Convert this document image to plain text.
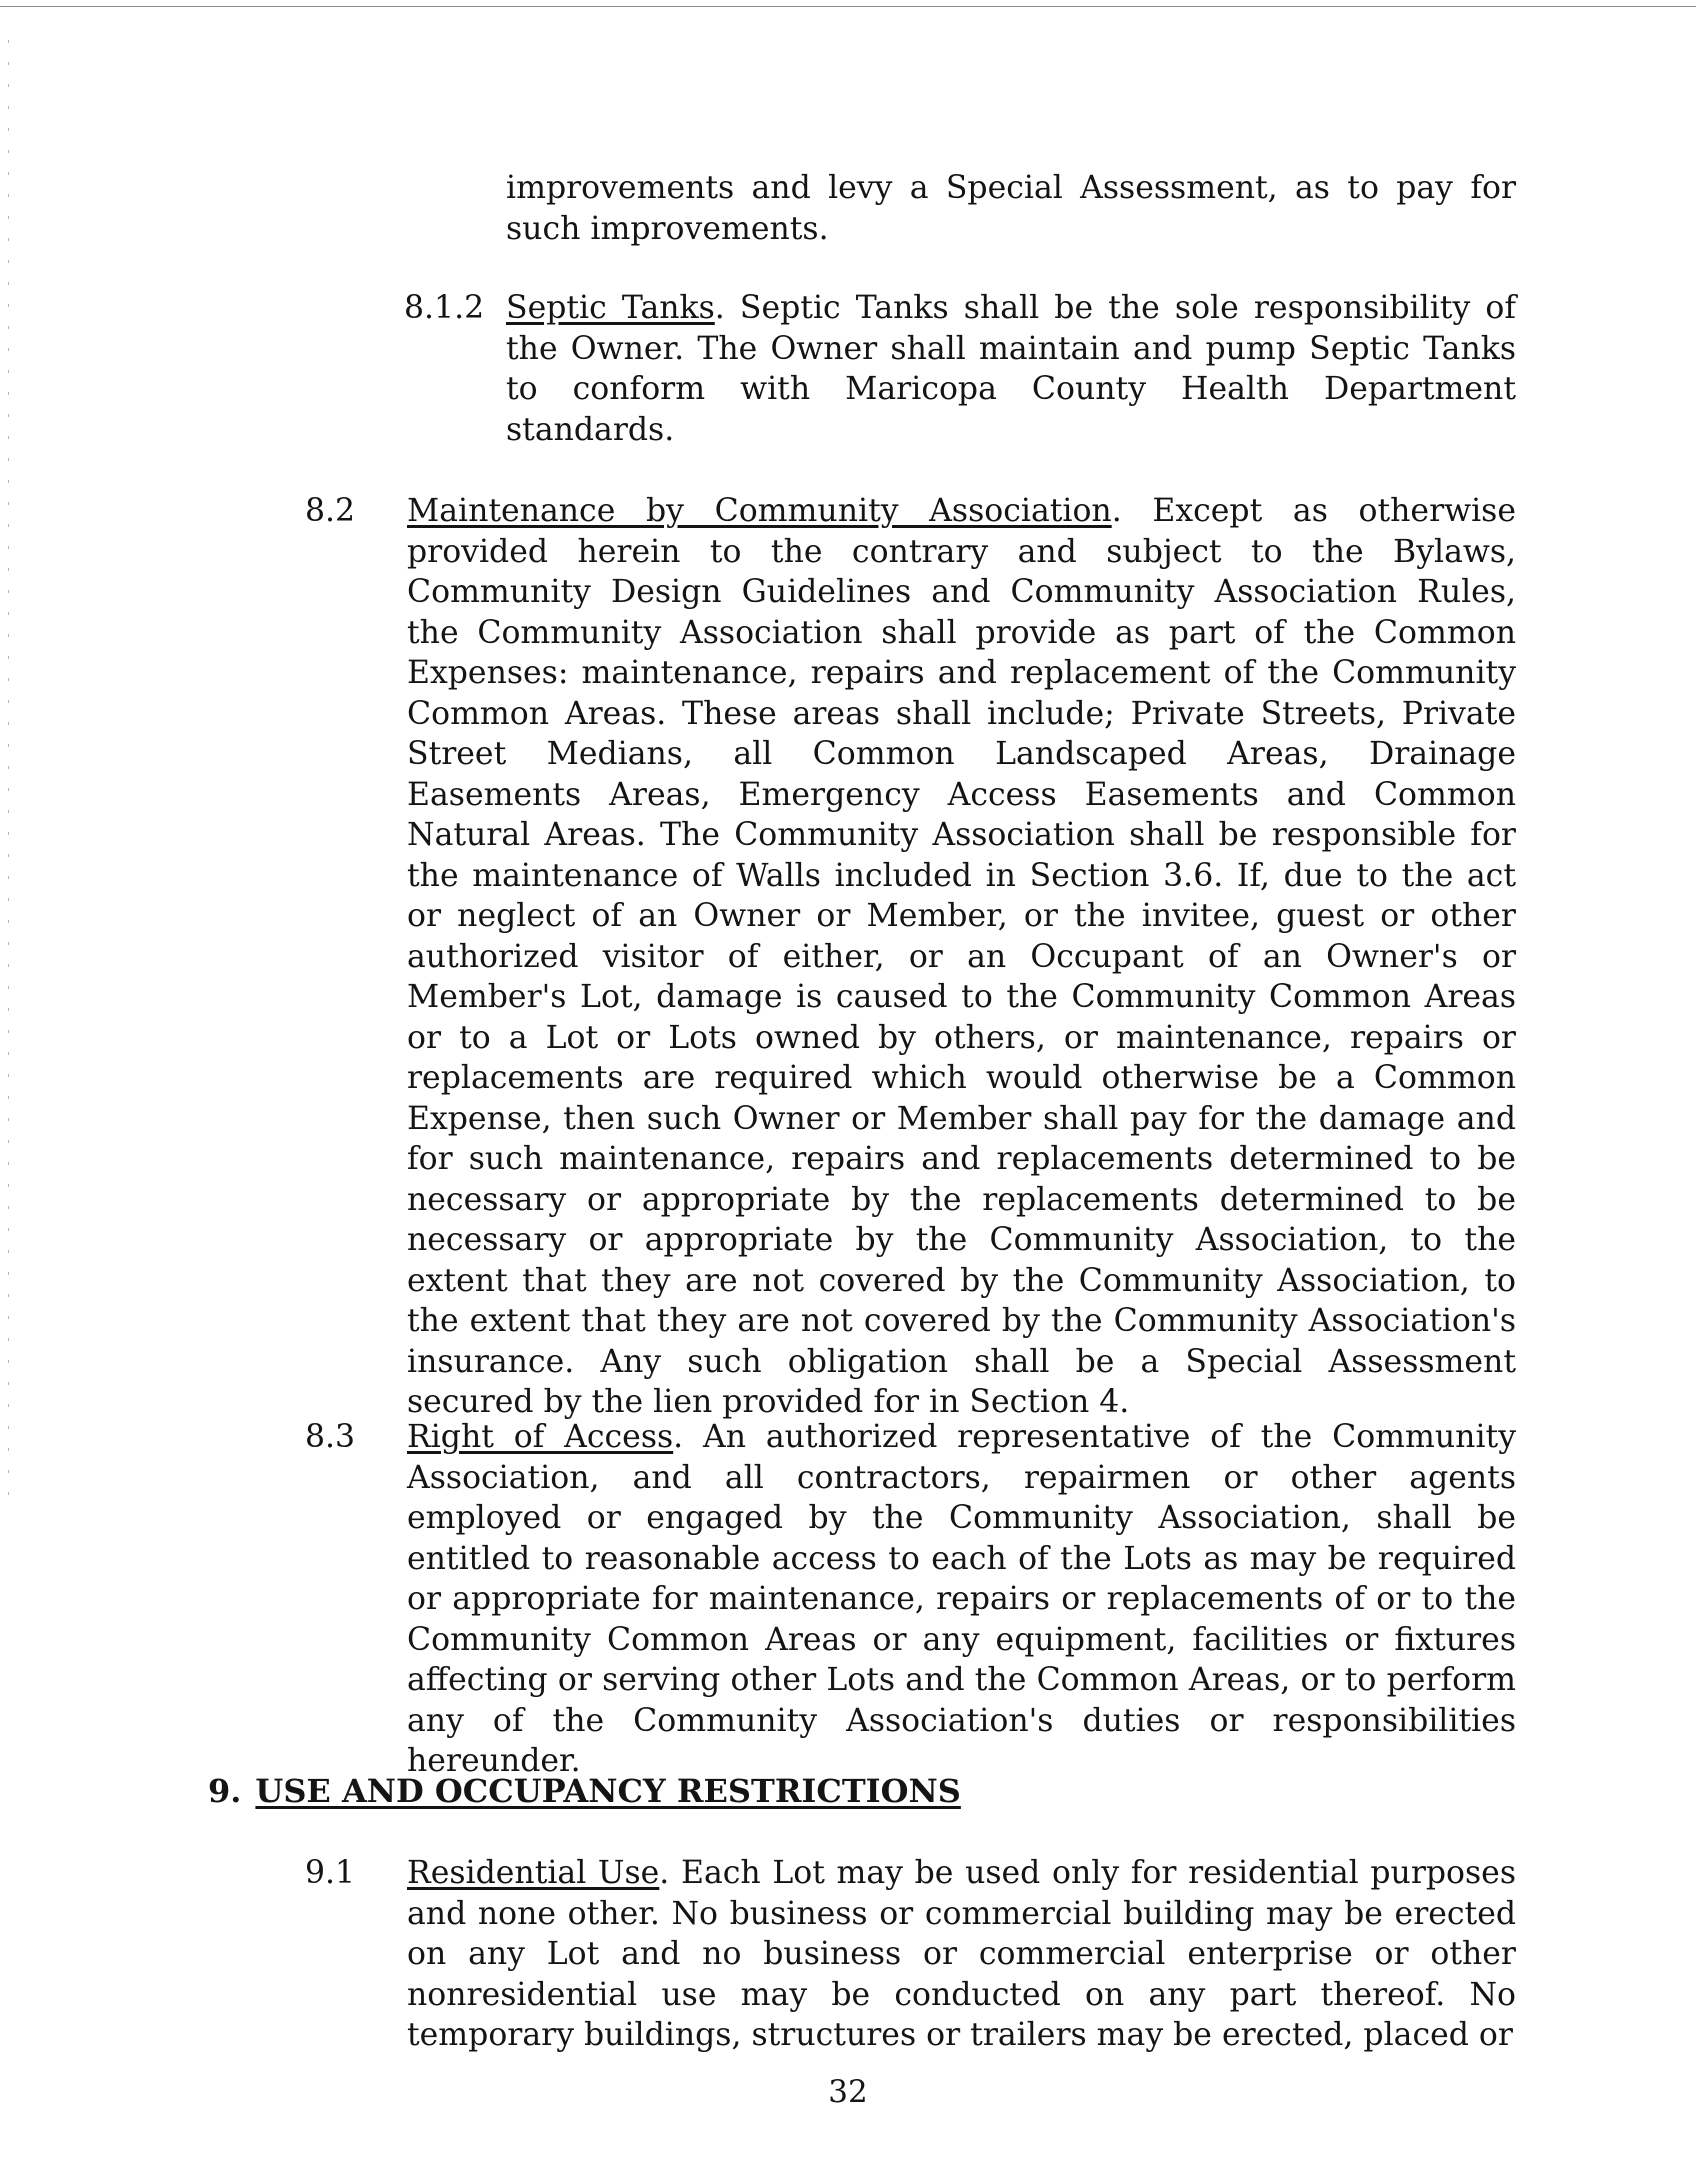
improvements and levy a Special Assessment, as to pay for such improvements.

8.1.2 Septic Tanks. Septic Tanks shall be the sole responsibility of the Owner. The Owner shall maintain and pump Septic Tanks to conform with Maricopa County Health Department standards.

8.2 Maintenance by Community Association. Except as otherwise provided herein to the contrary and subject to the Bylaws, Community Design Guidelines and Community Association Rules, the Community Association shall provide as part of the Common Expenses: maintenance, repairs and replacement of the Community Common Areas. These areas shall include; Private Streets, Private Street Medians, all Common Landscaped Areas, Drainage Easements Areas, Emergency Access Easements and Common Natural Areas. The Community Association shall be responsible for the maintenance of Walls included in Section 3.6. If, due to the act or neglect of an Owner or Member, or the invitee, guest or other authorized visitor of either, or an Occupant of an Owner's or Member's Lot, damage is caused to the Community Common Areas or to a Lot or Lots owned by others, or maintenance, repairs or replacements are required which would otherwise be a Common Expense, then such Owner or Member shall pay for the damage and for such maintenance, repairs and replacements determined to be necessary or appropriate by the replacements determined to be necessary or appropriate by the Community Association, to the extent that they are not covered by the Community Association, to the extent that they are not covered by the Community Association's insurance. Any such obligation shall be a Special Assessment secured by the lien provided for in Section 4.

8.3 Right of Access. An authorized representative of the Community Association, and all contractors, repairmen or other agents employed or engaged by the Community Association, shall be entitled to reasonable access to each of the Lots as may be required or appropriate for maintenance, repairs or replacements of or to the Community Common Areas or any equipment, facilities or fixtures affecting or serving other Lots and the Common Areas, or to perform any of the Community Association's duties or responsibilities hereunder.

9. USE AND OCCUPANCY RESTRICTIONS
9.1 Residential Use. Each Lot may be used only for residential purposes and none other. No business or commercial building may be erected on any Lot and no business or commercial enterprise or other nonresidential use may be conducted on any part thereof. No temporary buildings, structures or trailers may be erected, placed or

32
